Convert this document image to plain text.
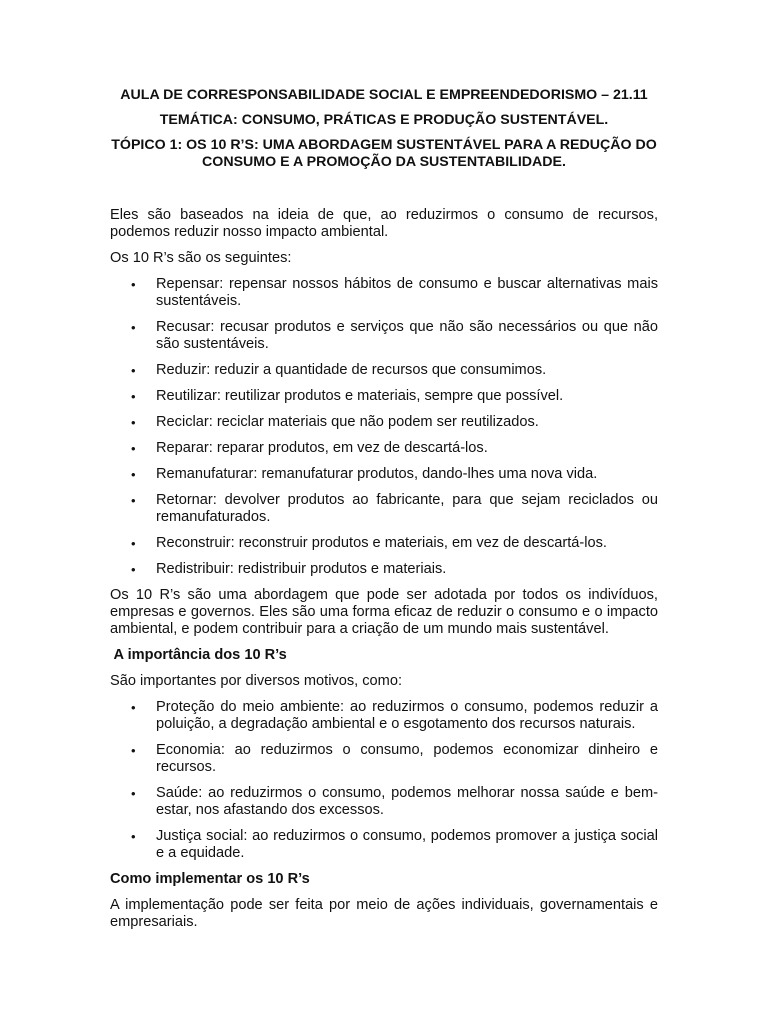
AULA DE CORRESPONSABILIDADE SOCIAL E EMPREENDEDORISMO – 21.11
TEMÁTICA: CONSUMO, PRÁTICAS E PRODUÇÃO SUSTENTÁVEL.
TÓPICO 1: OS 10 R’S: UMA ABORDAGEM SUSTENTÁVEL PARA A REDUÇÃO DO
CONSUMO E A PROMOÇÃO DA SUSTENTABILIDADE.

Eles são baseados na ideia de que, ao reduzirmos o consumo de recursos, podemos reduzir nosso impacto ambiental.

Os 10 R’s são os seguintes:

• Repensar: repensar nossos hábitos de consumo e buscar alternativas mais sustentáveis.
• Recusar: recusar produtos e serviços que não são necessários ou que não são sustentáveis.
• Reduzir: reduzir a quantidade de recursos que consumimos.
• Reutilizar: reutilizar produtos e materiais, sempre que possível.
• Reciclar: reciclar materiais que não podem ser reutilizados.
• Reparar: reparar produtos, em vez de descartá-los.
• Remanufaturar: remanufaturar produtos, dando-lhes uma nova vida.
• Retornar: devolver produtos ao fabricante, para que sejam reciclados ou remanufaturados.
• Reconstruir: reconstruir produtos e materiais, em vez de descartá-los.
• Redistribuir: redistribuir produtos e materiais.

Os 10 R’s são uma abordagem que pode ser adotada por todos os indivíduos, empresas e governos. Eles são uma forma eficaz de reduzir o consumo e o impacto ambiental, e podem contribuir para a criação de um mundo mais sustentável.

A importância dos 10 R’s

São importantes por diversos motivos, como:

• Proteção do meio ambiente: ao reduzirmos o consumo, podemos reduzir a poluição, a degradação ambiental e o esgotamento dos recursos naturais.
• Economia: ao reduzirmos o consumo, podemos economizar dinheiro e recursos.
• Saúde: ao reduzirmos o consumo, podemos melhorar nossa saúde e bem-estar, nos afastando dos excessos.
• Justiça social: ao reduzirmos o consumo, podemos promover a justiça social e a equidade.
Como implementar os 10 R’s

A implementação pode ser feita por meio de ações individuais, governamentais e empresariais.
